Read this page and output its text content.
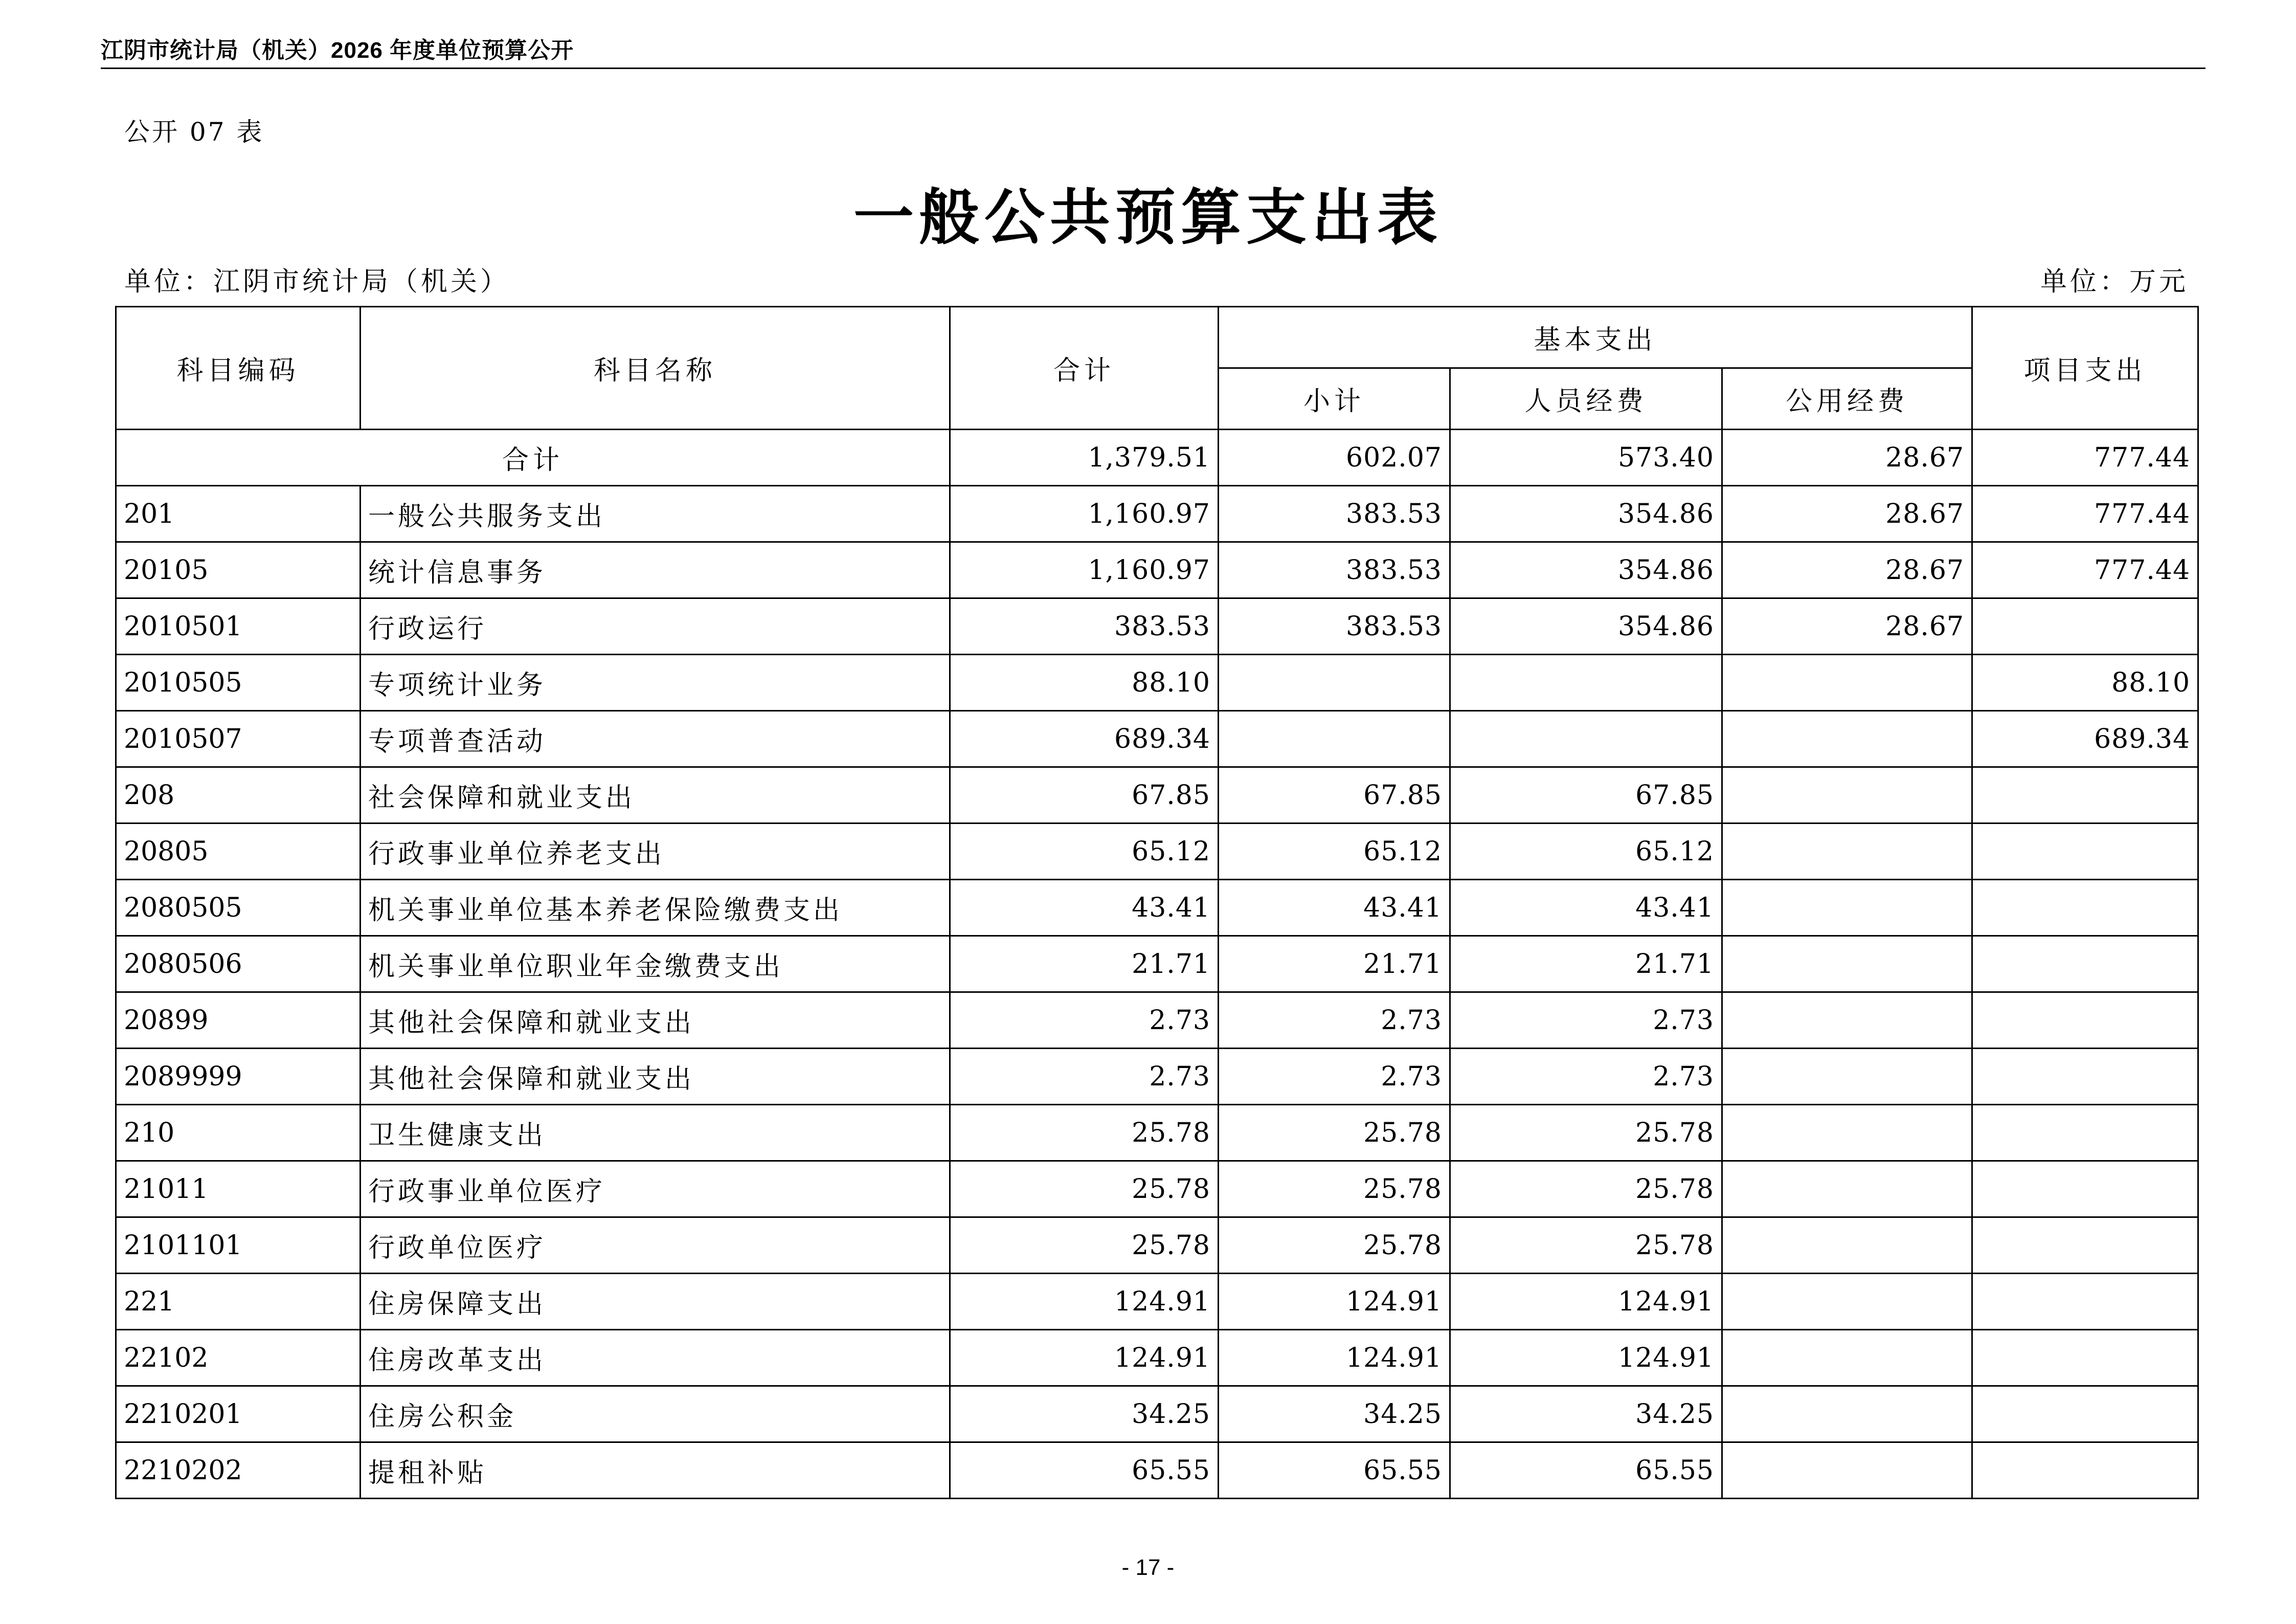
江阴市统计局（机关）2026 年度单位预算公开
公开 07 表
一般公共预算支出表
单位：江阴市统计局（机关）	单位：万元
科目编码	科目名称	合计	基本支出			项目支出
			小计	人员经费	公用经费	
合计		1,379.51	602.07	573.40	28.67	777.44
201	一般公共服务支出	1,160.97	383.53	354.86	28.67	777.44
20105	统计信息事务	1,160.97	383.53	354.86	28.67	777.44
2010501	行政运行	383.53	383.53	354.86	28.67	
2010505	专项统计业务	88.10				88.10
2010507	专项普查活动	689.34				689.34
208	社会保障和就业支出	67.85	67.85	67.85		
20805	行政事业单位养老支出	65.12	65.12	65.12		
2080505	机关事业单位基本养老保险缴费支出	43.41	43.41	43.41		
2080506	机关事业单位职业年金缴费支出	21.71	21.71	21.71		
20899	其他社会保障和就业支出	2.73	2.73	2.73		
2089999	其他社会保障和就业支出	2.73	2.73	2.73		
210	卫生健康支出	25.78	25.78	25.78		
21011	行政事业单位医疗	25.78	25.78	25.78		
2101101	行政单位医疗	25.78	25.78	25.78		
221	住房保障支出	124.91	124.91	124.91		
22102	住房改革支出	124.91	124.91	124.91		
2210201	住房公积金	34.25	34.25	34.25		
2210202	提租补贴	65.55	65.55	65.55		
- 17 -
